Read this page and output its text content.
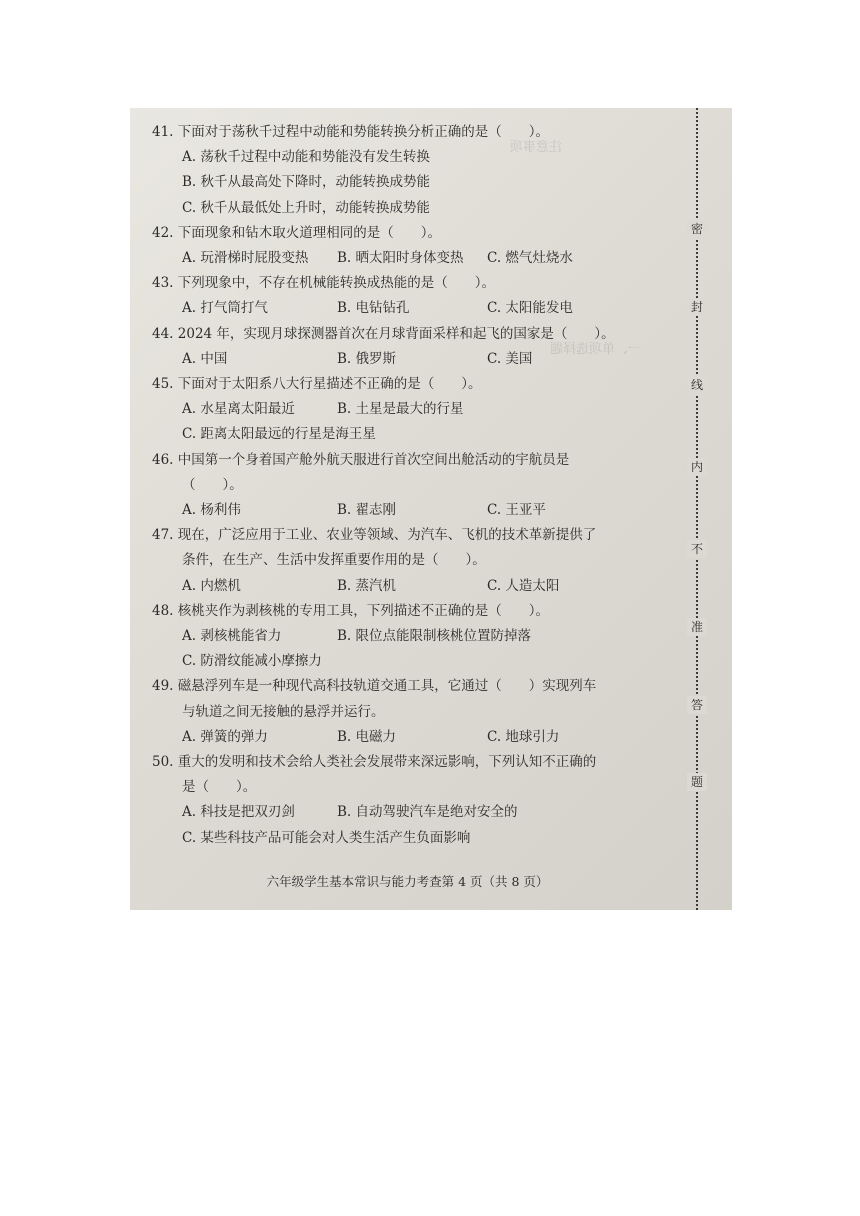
注意事项
一、单项选择题
41. 下面对于荡秋千过程中动能和势能转换分析正确的是（　　）。
A. 荡秋千过程中动能和势能没有发生转换
B. 秋千从最高处下降时，动能转换成势能
C. 秋千从最低处上升时，动能转换成势能
42. 下面现象和钻木取火道理相同的是（　　）。
A. 玩滑梯时屁股变热	B. 晒太阳时身体变热	C. 燃气灶烧水
43. 下列现象中，不存在机械能转换成热能的是（　　）。
A. 打气筒打气	B. 电钻钻孔	C. 太阳能发电
44. 2024 年，实现月球探测器首次在月球背面采样和起飞的国家是（　　）。
A. 中国	B. 俄罗斯	C. 美国
45. 下面对于太阳系八大行星描述不正确的是（　　）。
A. 水星离太阳最近	B. 土星是最大的行星
C. 距离太阳最远的行星是海王星
46. 中国第一个身着国产舱外航天服进行首次空间出舱活动的宇航员是
（　　）。
A. 杨利伟	B. 翟志刚	C. 王亚平
47. 现在，广泛应用于工业、农业等领域、为汽车、飞机的技术革新提供了
条件，在生产、生活中发挥重要作用的是（　　）。
A. 内燃机	B. 蒸汽机	C. 人造太阳
48. 核桃夹作为剥核桃的专用工具，下列描述不正确的是（　　）。
A. 剥核桃能省力	B. 限位点能限制核桃位置防掉落
C. 防滑纹能减小摩擦力
49. 磁悬浮列车是一种现代高科技轨道交通工具，它通过（　　）实现列车
与轨道之间无接触的悬浮并运行。
A. 弹簧的弹力	B. 电磁力	C. 地球引力
50. 重大的发明和技术会给人类社会发展带来深远影响，下列认知不正确的
是（　　）。
A. 科技是把双刃剑	B. 自动驾驶汽车是绝对安全的
C. 某些科技产品可能会对人类生活产生负面影响
六年级学生基本常识与能力考查第 4 页（共 8 页）
密
封
线
内
不
准
答
题
